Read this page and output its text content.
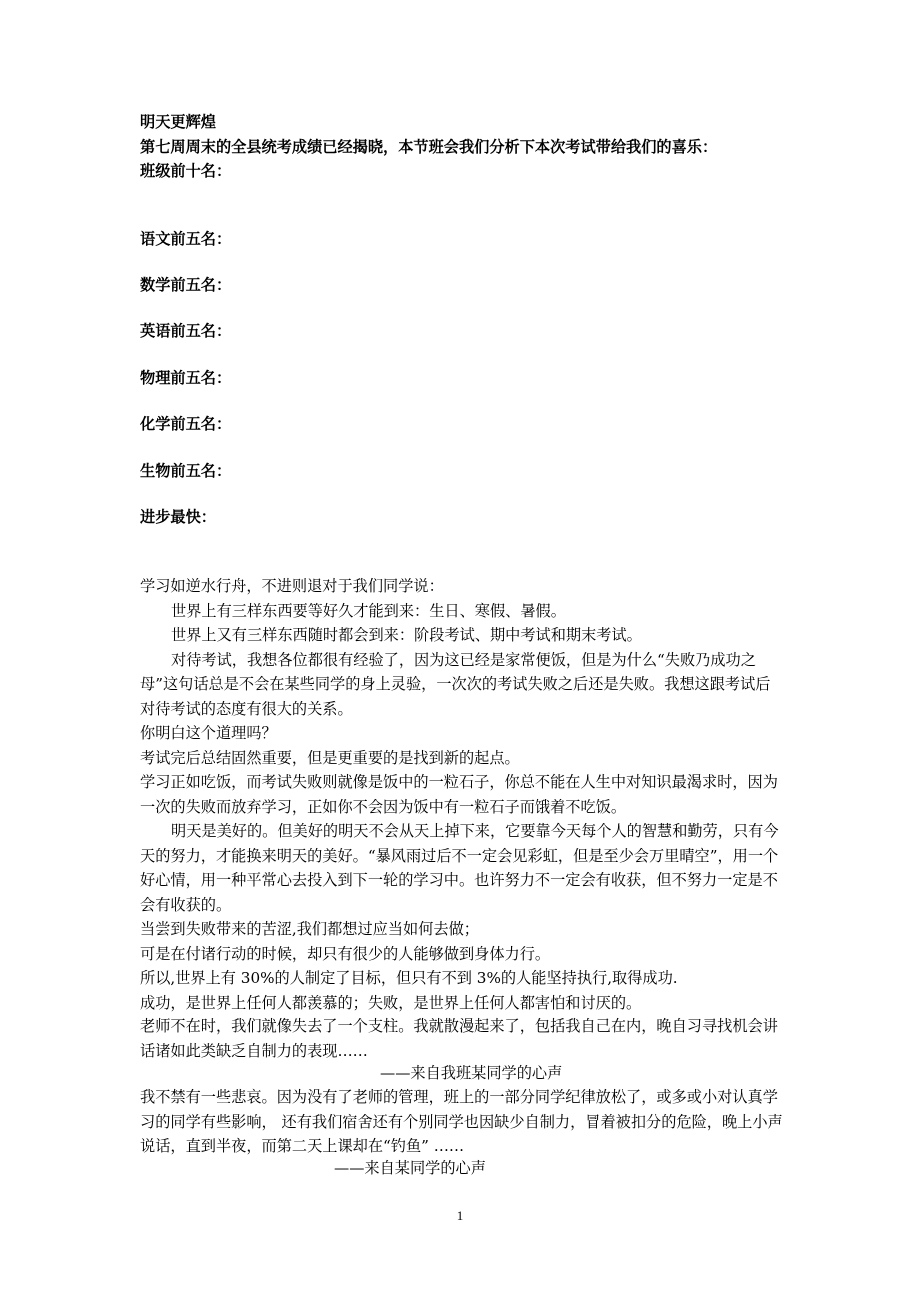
明天更辉煌
第七周周末的全县统考成绩已经揭晓，本节班会我们分析下本次考试带给我们的喜乐：
班级前十名：
语文前五名：
数学前五名：
英语前五名：
物理前五名：
化学前五名：
生物前五名：
进步最快：
学习如逆水行舟，不进则退对于我们同学说：
世界上有三样东西要等好久才能到来：生日、寒假、暑假。
世界上又有三样东西随时都会到来：阶段考试、期中考试和期末考试。
对待考试，我想各位都很有经验了，因为这已经是家常便饭，但是为什么“失败乃成功之母”这句话总是不会在某些同学的身上灵验，一次次的考试失败之后还是失败。我想这跟考试后对待考试的态度有很大的关系。
你明白这个道理吗？
考试完后总结固然重要，但是更重要的是找到新的起点。
学习正如吃饭，而考试失败则就像是饭中的一粒石子，你总不能在人生中对知识最渴求时，因为一次的失败而放弃学习，正如你不会因为饭中有一粒石子而饿着不吃饭。
明天是美好的。但美好的明天不会从天上掉下来，它要靠今天每个人的智慧和勤劳，只有今天的努力，才能换来明天的美好。“暴风雨过后不一定会见彩虹，但是至少会万里晴空”，用一个好心情，用一种平常心去投入到下一轮的学习中。也许努力不一定会有收获，但不努力一定是不会有收获的。
当尝到失败带来的苦涩,我们都想过应当如何去做；
可是在付诸行动的时候，却只有很少的人能够做到身体力行。
所以,世界上有 30%的人制定了目标，但只有不到 3%的人能坚持执行,取得成功.
成功，是世界上任何人都羡慕的；失败，是世界上任何人都害怕和讨厌的。
老师不在时，我们就像失去了一个支柱。我就散漫起来了，包括我自己在内，晚自习寻找机会讲话诸如此类缺乏自制力的表现……
——来自我班某同学的心声
我不禁有一些悲哀。因为没有了老师的管理，班上的一部分同学纪律放松了，或多或小对认真学习的同学有些影响， 还有我们宿舍还有个别同学也因缺少自制力，冒着被扣分的危险，晚上小声说话，直到半夜，而第二天上课却在“钓鱼” ……
——来自某同学的心声
1
